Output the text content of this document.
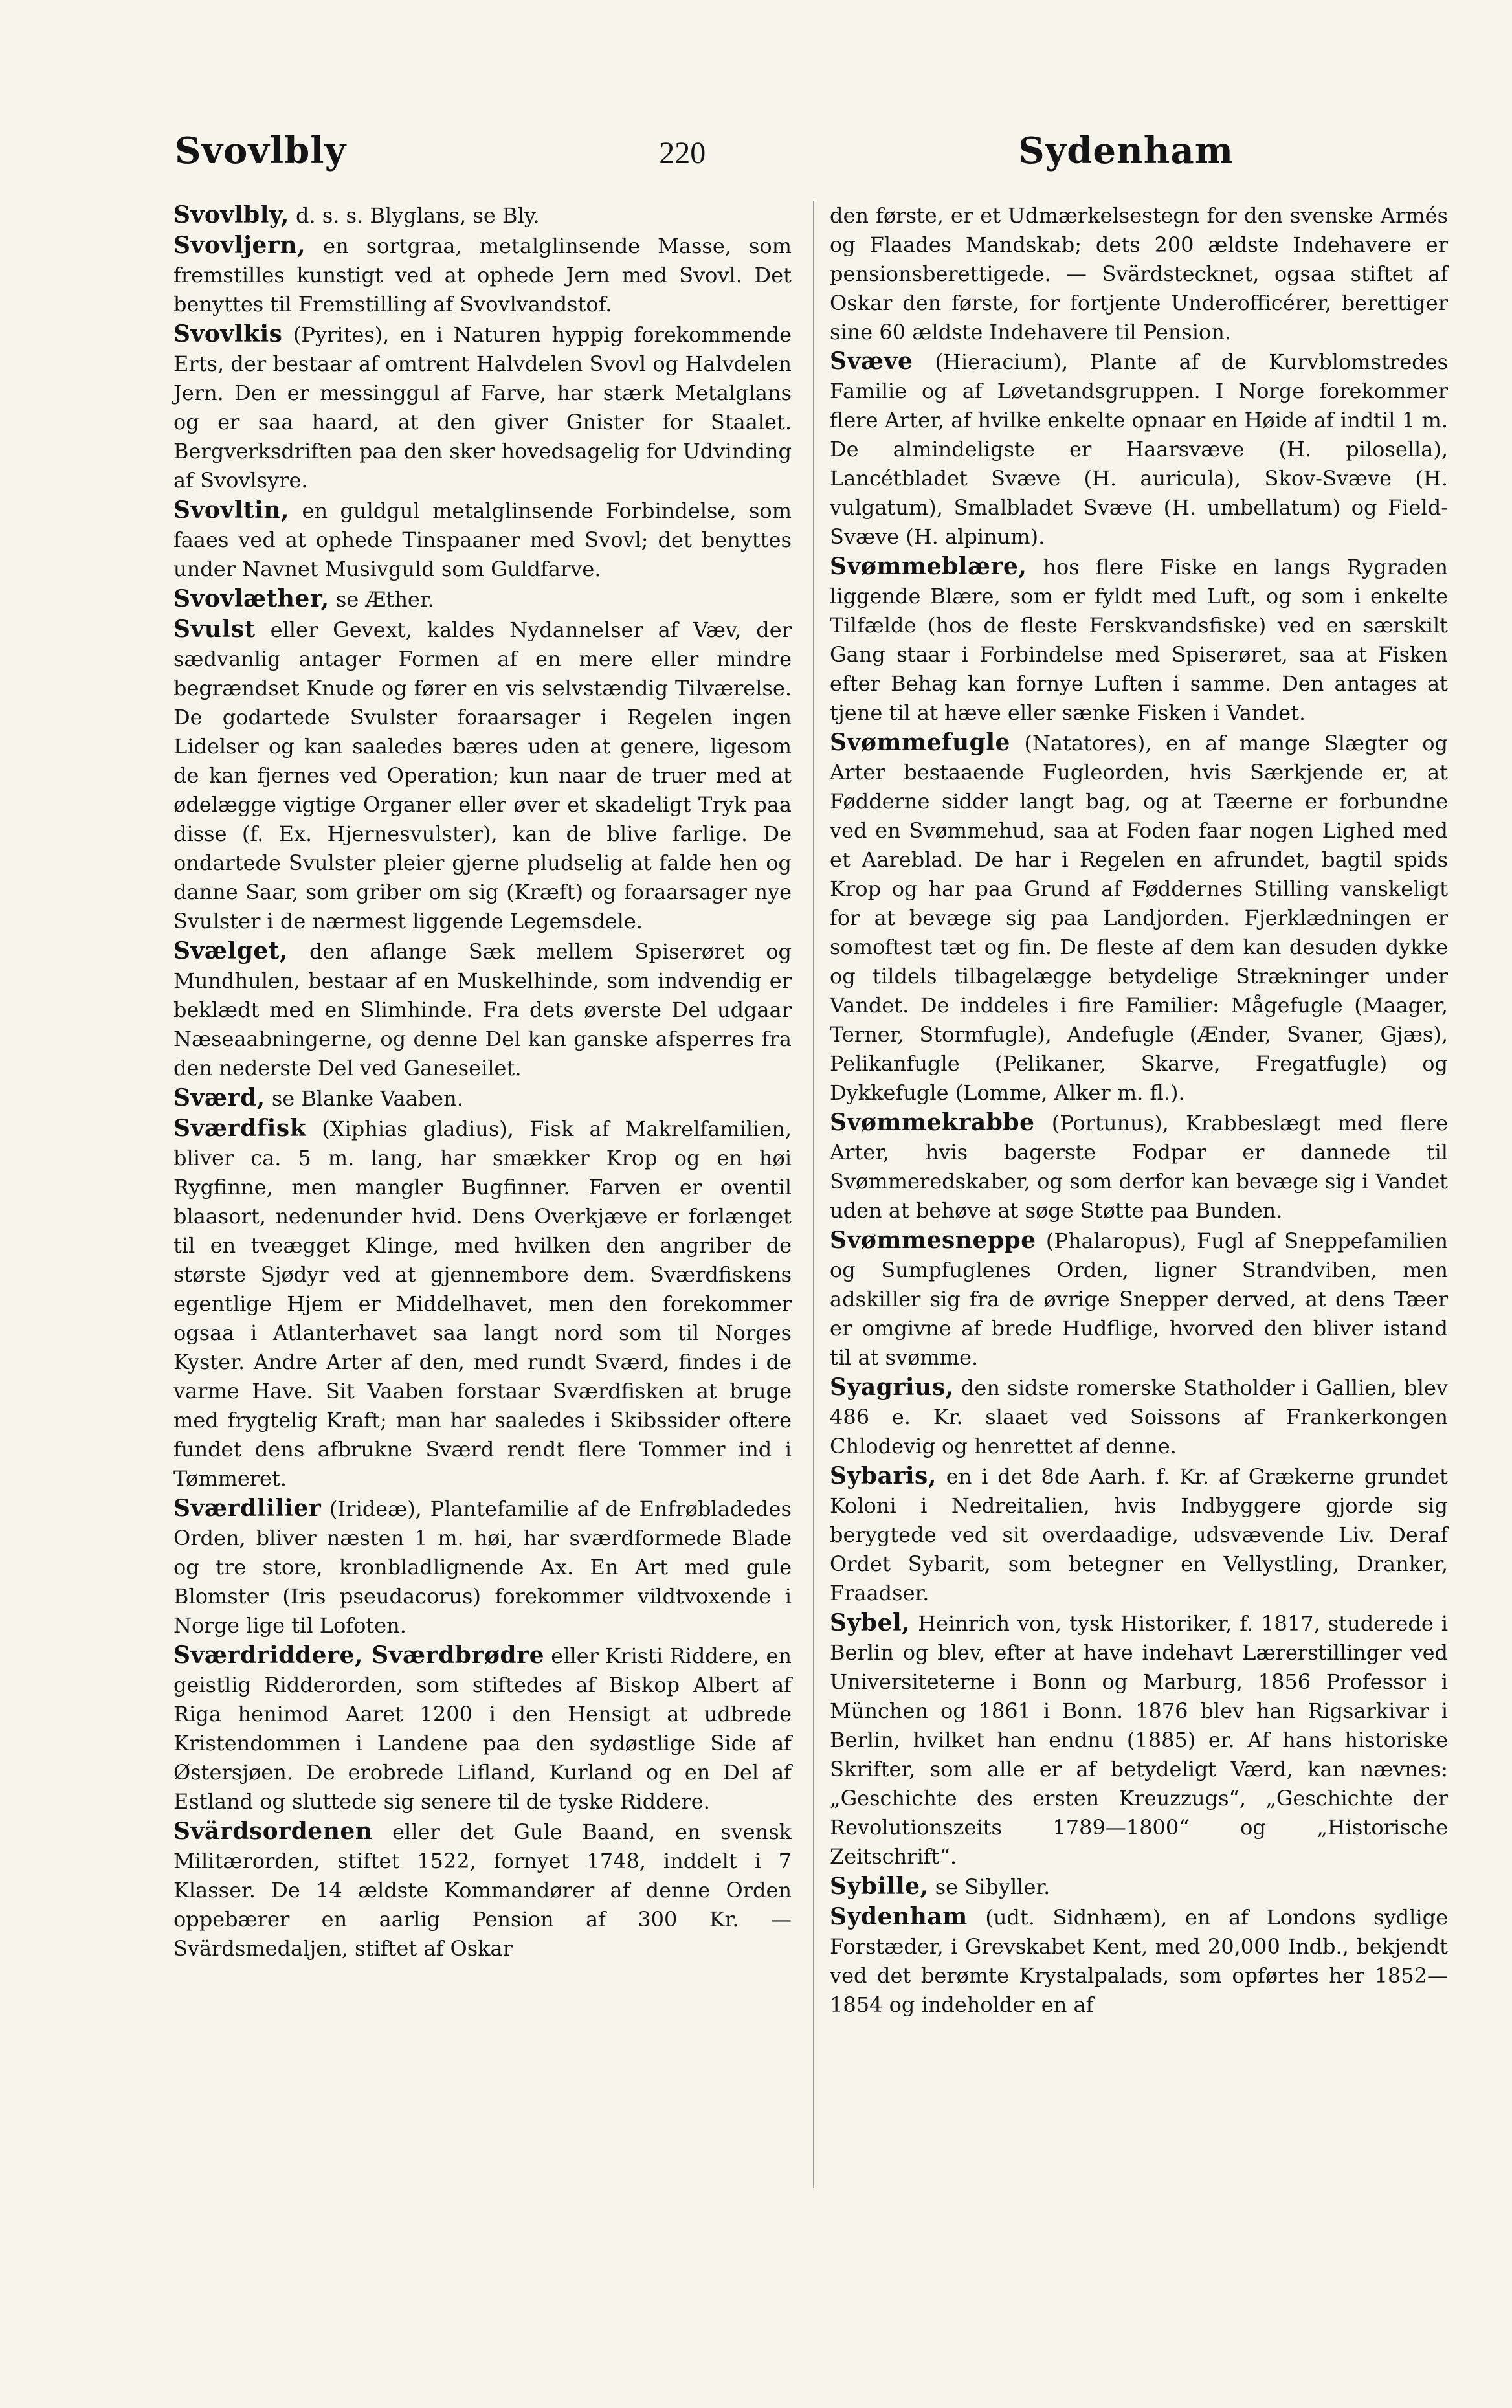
Svovlbly	220	Sydenham

Svovlbly, d. s. s. Blyglans, se Bly.

Svovljern, en sortgraa, metalglinsende Masse, som fremstilles kunstigt ved at ophede Jern med Svovl. Det benyttes til Fremstilling af Svovlvandstof.

Svovlkis (Pyrites), en i Naturen hyppig forekommende Erts, der bestaar af omtrent Halvdelen Svovl og Halvdelen Jern. Den er messinggul af Farve, har stærk Metalglans og er saa haard, at den giver Gnister for Staalet. Bergverksdriften paa den sker hovedsagelig for Udvinding af Svovlsyre.

Svovltin, en guldgul metalglinsende Forbindelse, som faaes ved at ophede Tinspaaner med Svovl; det benyttes under Navnet Musivguld som Guldfarve.

Svovlæther, se Æther.

Svulst eller Gevext, kaldes Nydannelser af Væv, der sædvanlig antager Formen af en mere eller mindre begrændset Knude og fører en vis selvstændig Tilværelse. De godartede Svulster foraarsager i Regelen ingen Lidelser og kan saaledes bæres uden at genere, ligesom de kan fjernes ved Operation; kun naar de truer med at ødelægge vigtige Organer eller øver et skadeligt Tryk paa disse (f. Ex. Hjernesvulster), kan de blive farlige. De ondartede Svulster pleier gjerne pludselig at falde hen og danne Saar, som griber om sig (Kræft) og foraarsager nye Svulster i de nærmest liggende Legemsdele.

Svælget, den aflange Sæk mellem Spiserøret og Mundhulen, bestaar af en Muskelhinde, som indvendig er beklædt med en Slimhinde. Fra dets øverste Del udgaar Næseaabningerne, og denne Del kan ganske afsperres fra den nederste Del ved Ganeseilet.

Sværd, se Blanke Vaaben.

Sværdfisk (Xiphias gladius), Fisk af Makrelfamilien, bliver ca. 5 m. lang, har smækker Krop og en høi Rygfinne, men mangler Bugfinner. Farven er oventil blaasort, nedenunder hvid. Dens Overkjæve er forlænget til en tveægget Klinge, med hvilken den angriber de største Sjødyr ved at gjennembore dem. Sværdfiskens egentlige Hjem er Middelhavet, men den forekommer ogsaa i Atlanterhavet saa langt nord som til Norges Kyster. Andre Arter af den, med rundt Sværd, findes i de varme Have. Sit Vaaben forstaar Sværdfisken at bruge med frygtelig Kraft; man har saaledes i Skibssider oftere fundet dens afbrukne Sværd rendt flere Tommer ind i Tømmeret.

Sværdlilier (Irideæ), Plantefamilie af de Enfrøbladedes Orden, bliver næsten 1 m. høi, har sværdformede Blade og tre store, kronbladlignende Ax. En Art med gule Blomster (Iris pseudacorus) forekommer vildtvoxende i Norge lige til Lofoten.

Sværdriddere, Sværdbrødre eller Kristi Riddere, en geistlig Ridderorden, som stiftedes af Biskop Albert af Riga henimod Aaret 1200 i den Hensigt at udbrede Kristendommen i Landene paa den sydøstlige Side af Østersjøen. De erobrede Lifland, Kurland og en Del af Estland og sluttede sig senere til de tyske Riddere.

Svärdsordenen eller det Gule Baand, en svensk Militærorden, stiftet 1522, fornyet 1748, inddelt i 7 Klasser. De 14 ældste Kommandører af denne Orden oppebærer en aarlig Pension af 300 Kr. — Svärdsmedaljen, stiftet af Oskar

den første, er et Udmærkelsestegn for den svenske Armés og Flaades Mandskab; dets 200 ældste Indehavere er pensionsberettigede. — Svärdstecknet, ogsaa stiftet af Oskar den første, for fortjente Underofficérer, berettiger sine 60 ældste Indehavere til Pension.

Svæve (Hieracium), Plante af de Kurvblomstredes Familie og af Løvetandsgruppen. I Norge forekommer flere Arter, af hvilke enkelte opnaar en Høide af indtil 1 m. De almindeligste er Haarsvæve (H. pilosella), Lancétbladet Svæve (H. auricula), Skov-Svæve (H. vulgatum), Smalbladet Svæve (H. umbellatum) og Field-Svæve (H. alpinum).

Svømmeblære, hos flere Fiske en langs Rygraden liggende Blære, som er fyldt med Luft, og som i enkelte Tilfælde (hos de fleste Ferskvandsfiske) ved en særskilt Gang staar i Forbindelse med Spiserøret, saa at Fisken efter Behag kan fornye Luften i samme. Den antages at tjene til at hæve eller sænke Fisken i Vandet.

Svømmefugle (Natatores), en af mange Slægter og Arter bestaaende Fugleorden, hvis Særkjende er, at Fødderne sidder langt bag, og at Tæerne er forbundne ved en Svømmehud, saa at Foden faar nogen Lighed med et Aareblad. De har i Regelen en afrundet, bagtil spids Krop og har paa Grund af Føddernes Stilling vanskeligt for at bevæge sig paa Landjorden. Fjerklædningen er somoftest tæt og fin. De fleste af dem kan desuden dykke og tildels tilbagelægge betydelige Strækninger under Vandet. De inddeles i fire Familier: Mågefugle (Maager, Terner, Stormfugle), Andefugle (Ænder, Svaner, Gjæs), Pelikanfugle (Pelikaner, Skarve, Fregatfugle) og Dykkefugle (Lomme, Alker m. fl.).

Svømmekrabbe (Portunus), Krabbeslægt med flere Arter, hvis bagerste Fodpar er dannede til Svømmeredskaber, og som derfor kan bevæge sig i Vandet uden at behøve at søge Støtte paa Bunden.

Svømmesneppe (Phalaropus), Fugl af Sneppefamilien og Sumpfuglenes Orden, ligner Strandviben, men adskiller sig fra de øvrige Snepper derved, at dens Tæer er omgivne af brede Hudflige, hvorved den bliver istand til at svømme.

Syagrius, den sidste romerske Statholder i Gallien, blev 486 e. Kr. slaaet ved Soissons af Frankerkongen Chlodevig og henrettet af denne.

Sybaris, en i det 8de Aarh. f. Kr. af Grækerne grundet Koloni i Nedreitalien, hvis Indbyggere gjorde sig berygtede ved sit overdaadige, udsvævende Liv. Deraf Ordet Sybarit, som betegner en Vellystling, Dranker, Fraadser.

Sybel, Heinrich von, tysk Historiker, f. 1817, studerede i Berlin og blev, efter at have indehavt Lærerstillinger ved Universiteterne i Bonn og Marburg, 1856 Professor i München og 1861 i Bonn. 1876 blev han Rigsarkivar i Berlin, hvilket han endnu (1885) er. Af hans historiske Skrifter, som alle er af betydeligt Værd, kan nævnes: „Geschichte des ersten Kreuzzugs“, „Geschichte der Revolutionszeits 1789—1800“ og „Historische Zeitschrift“.

Sybille, se Sibyller.

Sydenham (udt. Sidnhæm), en af Londons sydlige Forstæder, i Grevskabet Kent, med 20,000 Indb., bekjendt ved det berømte Krystalpalads, som opførtes her 1852—1854 og indeholder en af
